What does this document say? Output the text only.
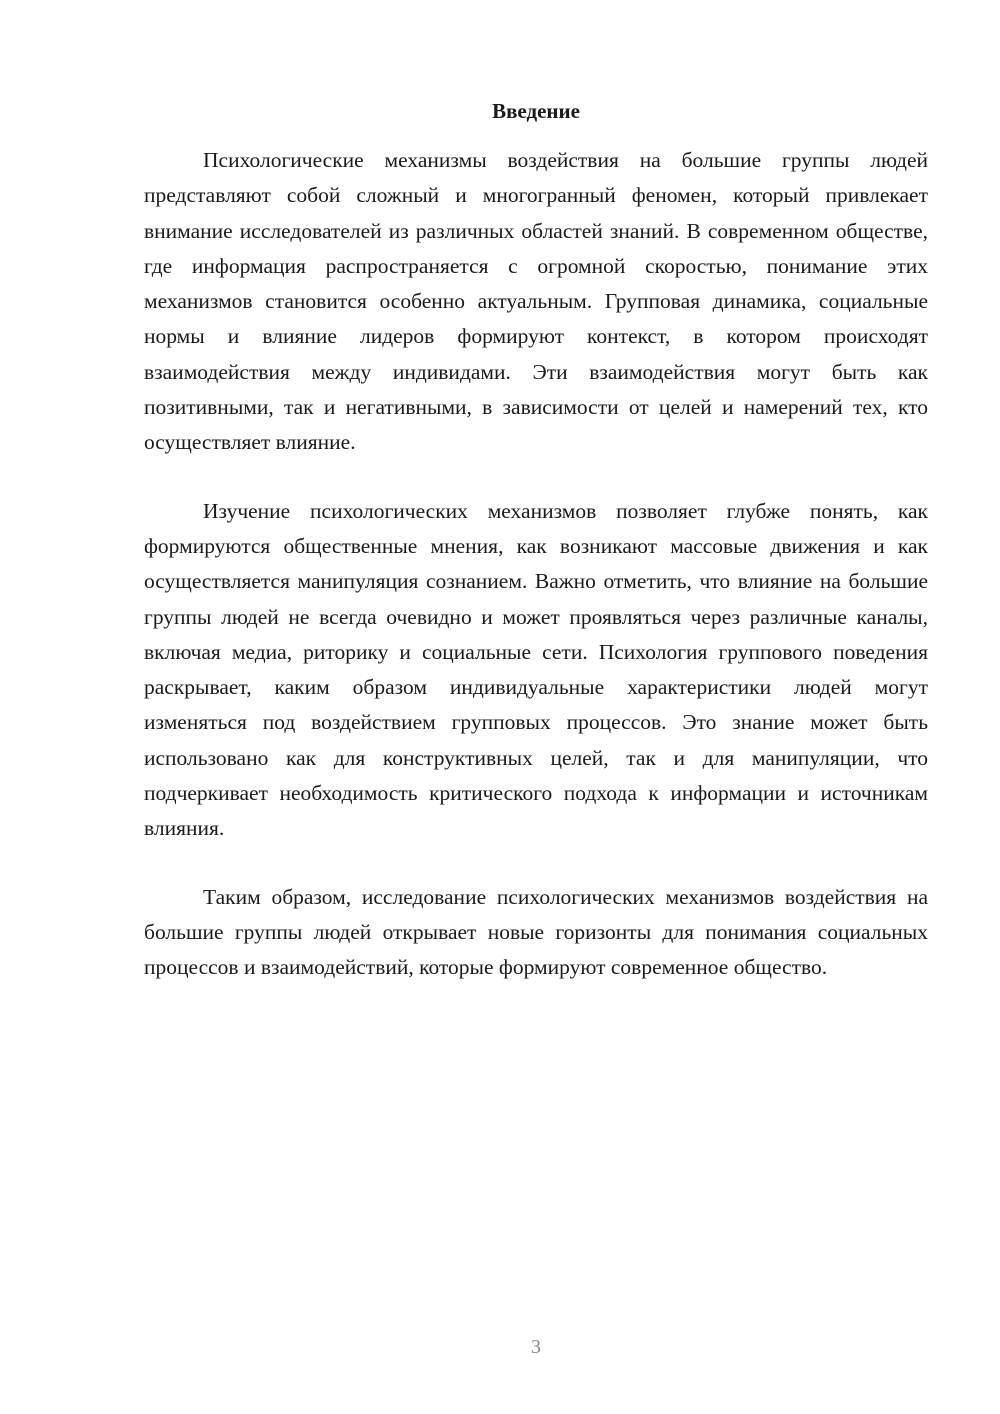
Введение

Психологические механизмы воздействия на большие группы людей представляют собой сложный и многогранный феномен, который привлекает внимание исследователей из различных областей знаний. В современном обществе, где информация распространяется с огромной скоростью, понимание этих механизмов становится особенно актуальным. Групповая динамика, социальные нормы и влияние лидеров формируют контекст, в котором происходят взаимодействия между индивидами. Эти взаимодействия могут быть как позитивными, так и негативными, в зависимости от целей и намерений тех, кто осуществляет влияние.

Изучение психологических механизмов позволяет глубже понять, как формируются общественные мнения, как возникают массовые движения и как осуществляется манипуляция сознанием. Важно отметить, что влияние на большие группы людей не всегда очевидно и может проявляться через различные каналы, включая медиа, риторику и социальные сети. Психология группового поведения раскрывает, каким образом индивидуальные характеристики людей могут изменяться под воздействием групповых процессов. Это знание может быть использовано как для конструктивных целей, так и для манипуляции, что подчеркивает необходимость критического подхода к информации и источникам влияния.

Таким образом, исследование психологических механизмов воздействия на большие группы людей открывает новые горизонты для понимания социальных процессов и взаимодействий, которые формируют современное общество.

3
